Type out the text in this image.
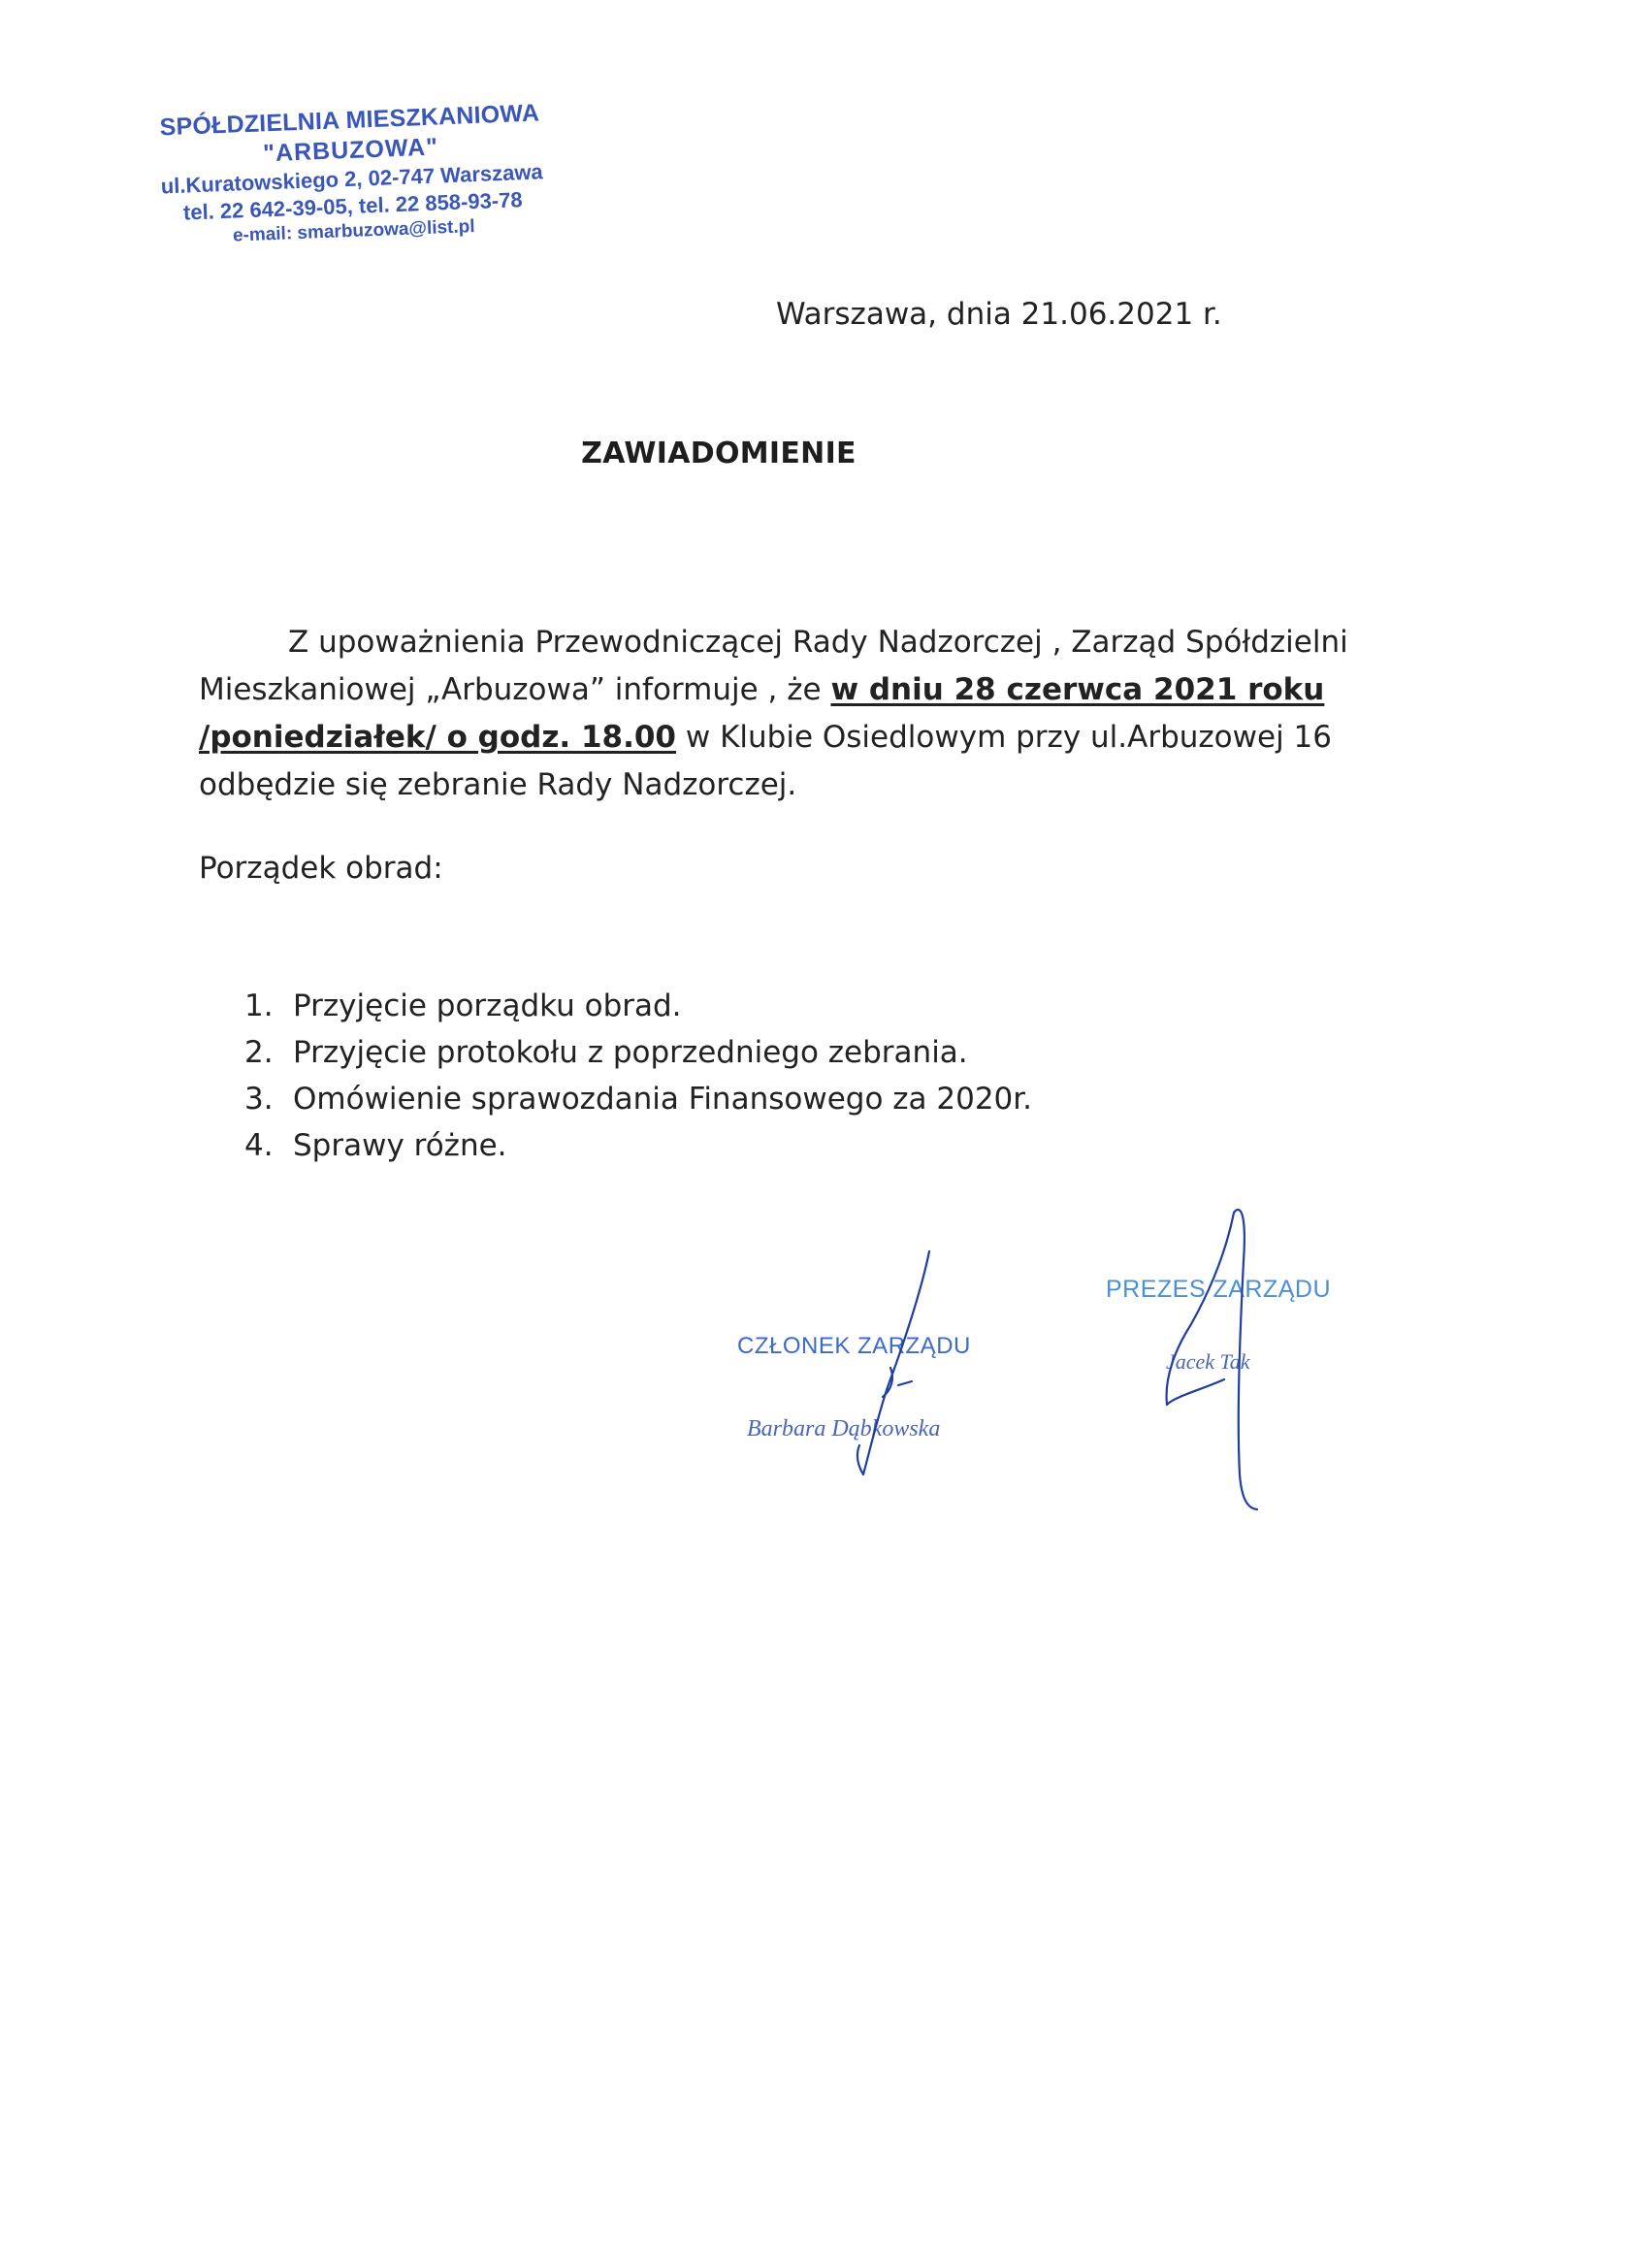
SPÓŁDZIELNIA MIESZKANIOWA
"ARBUZOWA"
ul.Kuratowskiego 2, 02-747 Warszawa
tel. 22 642-39-05, tel. 22 858-93-78
e-mail: smarbuzowa@list.pl
Warszawa, dnia 21.06.2021 r.
ZAWIADOMIENIE
Z upoważnienia Przewodniczącej Rady Nadzorczej , Zarząd Spółdzielni Mieszkaniowej „Arbuzowa” informuje , że w dniu 28 czerwca 2021 roku /poniedziałek/ o godz. 18.00 w Klubie Osiedlowym przy ul.Arbuzowej 16 odbędzie się zebranie Rady Nadzorczej.
Porządek obrad:
1. Przyjęcie porządku obrad.
2. Przyjęcie protokołu z poprzedniego zebrania.
3. Omówienie sprawozdania Finansowego za 2020r.
4. Sprawy różne.
CZŁONEK ZARZĄDU
Barbara Dąbkowska
PREZES ZARZĄDU
Jacek Tak
